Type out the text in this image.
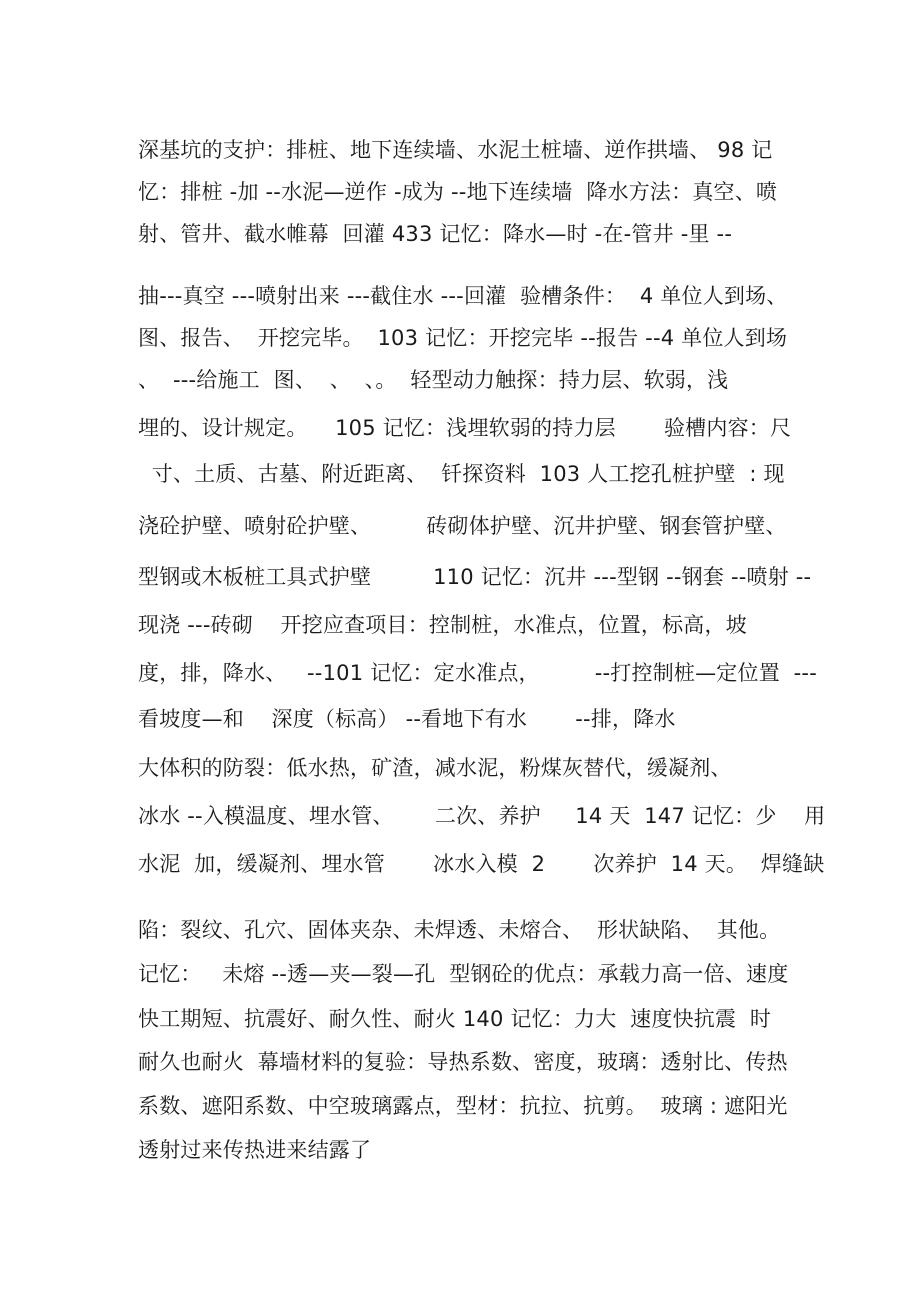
深基坑的支护：排桩、地下连续墙、水泥土桩墙、逆作拱墙、 98 记
忆：排桩 -加 --水泥—逆作 -成为 --地下连续墙  降水方法：真空、喷
射、管井、截水帷幕  回灌 433 记忆：降水—时 -在-管井 -里 --
抽---真空 ---喷射出来 ---截住水 ---回灌  验槽条件：  4 单位人到场、
图、报告、  开挖完毕。  103 记忆：开挖完毕 --报告 --4 单位人到场
、  ---给施工  图、  、  、。  轻型动力触探：持力层、软弱，浅
埋的、设计规定。    105 记忆：浅埋软弱的持力层       验槽内容：尺
寸、土质、古墓、附近距离、  钎探资料  103 人工挖孔桩护壁  : 现
浇砼护壁、喷射砼护壁、        砖砌体护壁、沉井护壁、钢套管护壁、
型钢或木板桩工具式护壁         110 记忆：沉井 ---型钢 --钢套 --喷射 --
现浇 ---砖砌    开挖应查项目：控制桩，水准点，位置，标高，坡
度，排，降水、   --101 记忆：定水准点，        --打控制桩—定位置  ---
看坡度—和    深度（标高） --看地下有水       --排，降水
大体积的防裂：低水热，矿渣，减水泥，粉煤灰替代，缓凝剂、
冰水 --入模温度、埋水管、      二次、养护     14 天  147 记忆：少    用
水泥  加，缓凝剂、埋水管       冰水入模  2       次养护  14 天。  焊缝缺
陷：裂纹、孔穴、固体夹杂、未焊透、未熔合、  形状缺陷、  其他。
记忆：   未熔 --透—夹—裂—孔  型钢砼的优点：承载力高一倍、速度
快工期短、抗震好、耐久性、耐火 140 记忆：力大  速度快抗震  时
耐久也耐火  幕墙材料的复验：导热系数、密度，玻璃：透射比、传热
系数、遮阳系数、中空玻璃露点，型材：抗拉、抗剪。  玻璃 : 遮阳光
透射过来传热进来结露了
